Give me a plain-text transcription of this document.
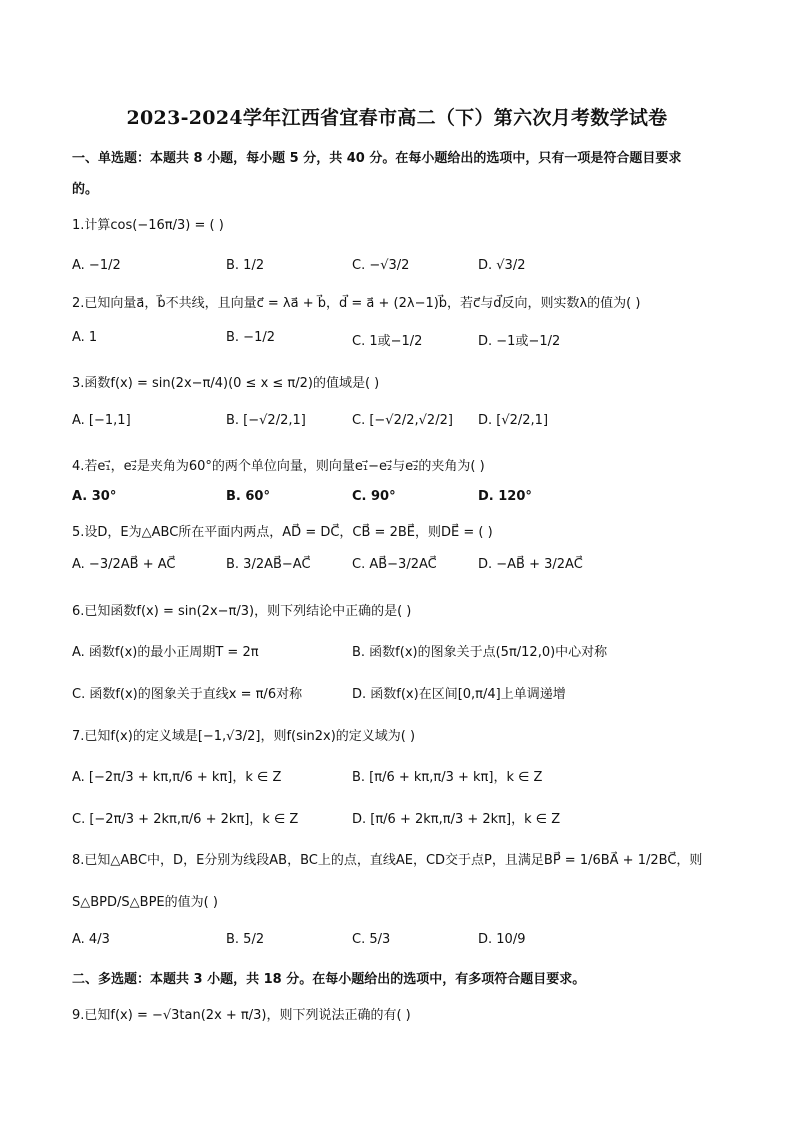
2023-2024学年江西省宜春市高二（下）第六次月考数学试卷
一、单选题：本题共 8 小题，每小题 5 分，共 40 分。在每小题给出的选项中，只有一项是符合题目要求
的。
1.计算cos(−16π/3) = ( )
A. −1/2	B. 1/2	C. −√3/2	D. √3/2
2.已知向量a⃗，b⃗不共线，且向量c⃗ = λa⃗ + b⃗，d⃗ = a⃗ + (2λ−1)b⃗，若c⃗与d⃗反向，则实数λ的值为( )
A. 1	B. −1/2	C. 1或−1/2	D. −1或−1/2
3.函数f(x) = sin(2x−π/4)(0 ≤ x ≤ π/2)的值域是( )
A. [−1,1]	B. [−√2/2,1]	C. [−√2/2,√2/2] D. [√2/2,1]
4.若e₁⃗，e₂⃗是夹角为60°的两个单位向量，则向量e₁⃗−e₂⃗与e₂⃗的夹角为( )
A. 30°	B. 60°	C. 90°	D. 120°
5.设D，E为△ABC所在平面内两点，AD⃗ = DC⃗，CB⃗ = 2BE⃗，则DE⃗ = ( )
A. −3/2AB⃗ + AC⃗	B. 3/2AB⃗−AC⃗	C. AB⃗−3/2AC⃗	D. −AB⃗ + 3/2AC⃗
6.已知函数f(x) = sin(2x−π/3)，则下列结论中正确的是( )
A. 函数f(x)的最小正周期T = 2π	B. 函数f(x)的图象关于点(5π/12,0)中心对称
C. 函数f(x)的图象关于直线x = π/6对称	D. 函数f(x)在区间[0,π/4]上单调递增
7.已知f(x)的定义域是[−1,√3/2]，则f(sin2x)的定义域为( )
A. [−2π/3 + kπ,π/6 + kπ]，k ∈ Z	B. [π/6 + kπ,π/3 + kπ]，k ∈ Z
C. [−2π/3 + 2kπ,π/6 + 2kπ]，k ∈ Z	D. [π/6 + 2kπ,π/3 + 2kπ]，k ∈ Z
8.已知△ABC中，D，E分别为线段AB，BC上的点，直线AE，CD交于点P，且满足BP⃗ = 1/6BA⃗ + 1/2BC⃗，则
S△BPD/S△BPE的值为( )
A. 4/3	B. 5/2	C. 5/3	D. 10/9
二、多选题：本题共 3 小题，共 18 分。在每小题给出的选项中，有多项符合题目要求。
9.已知f(x) = −√3tan(2x + π/3)，则下列说法正确的有( )
